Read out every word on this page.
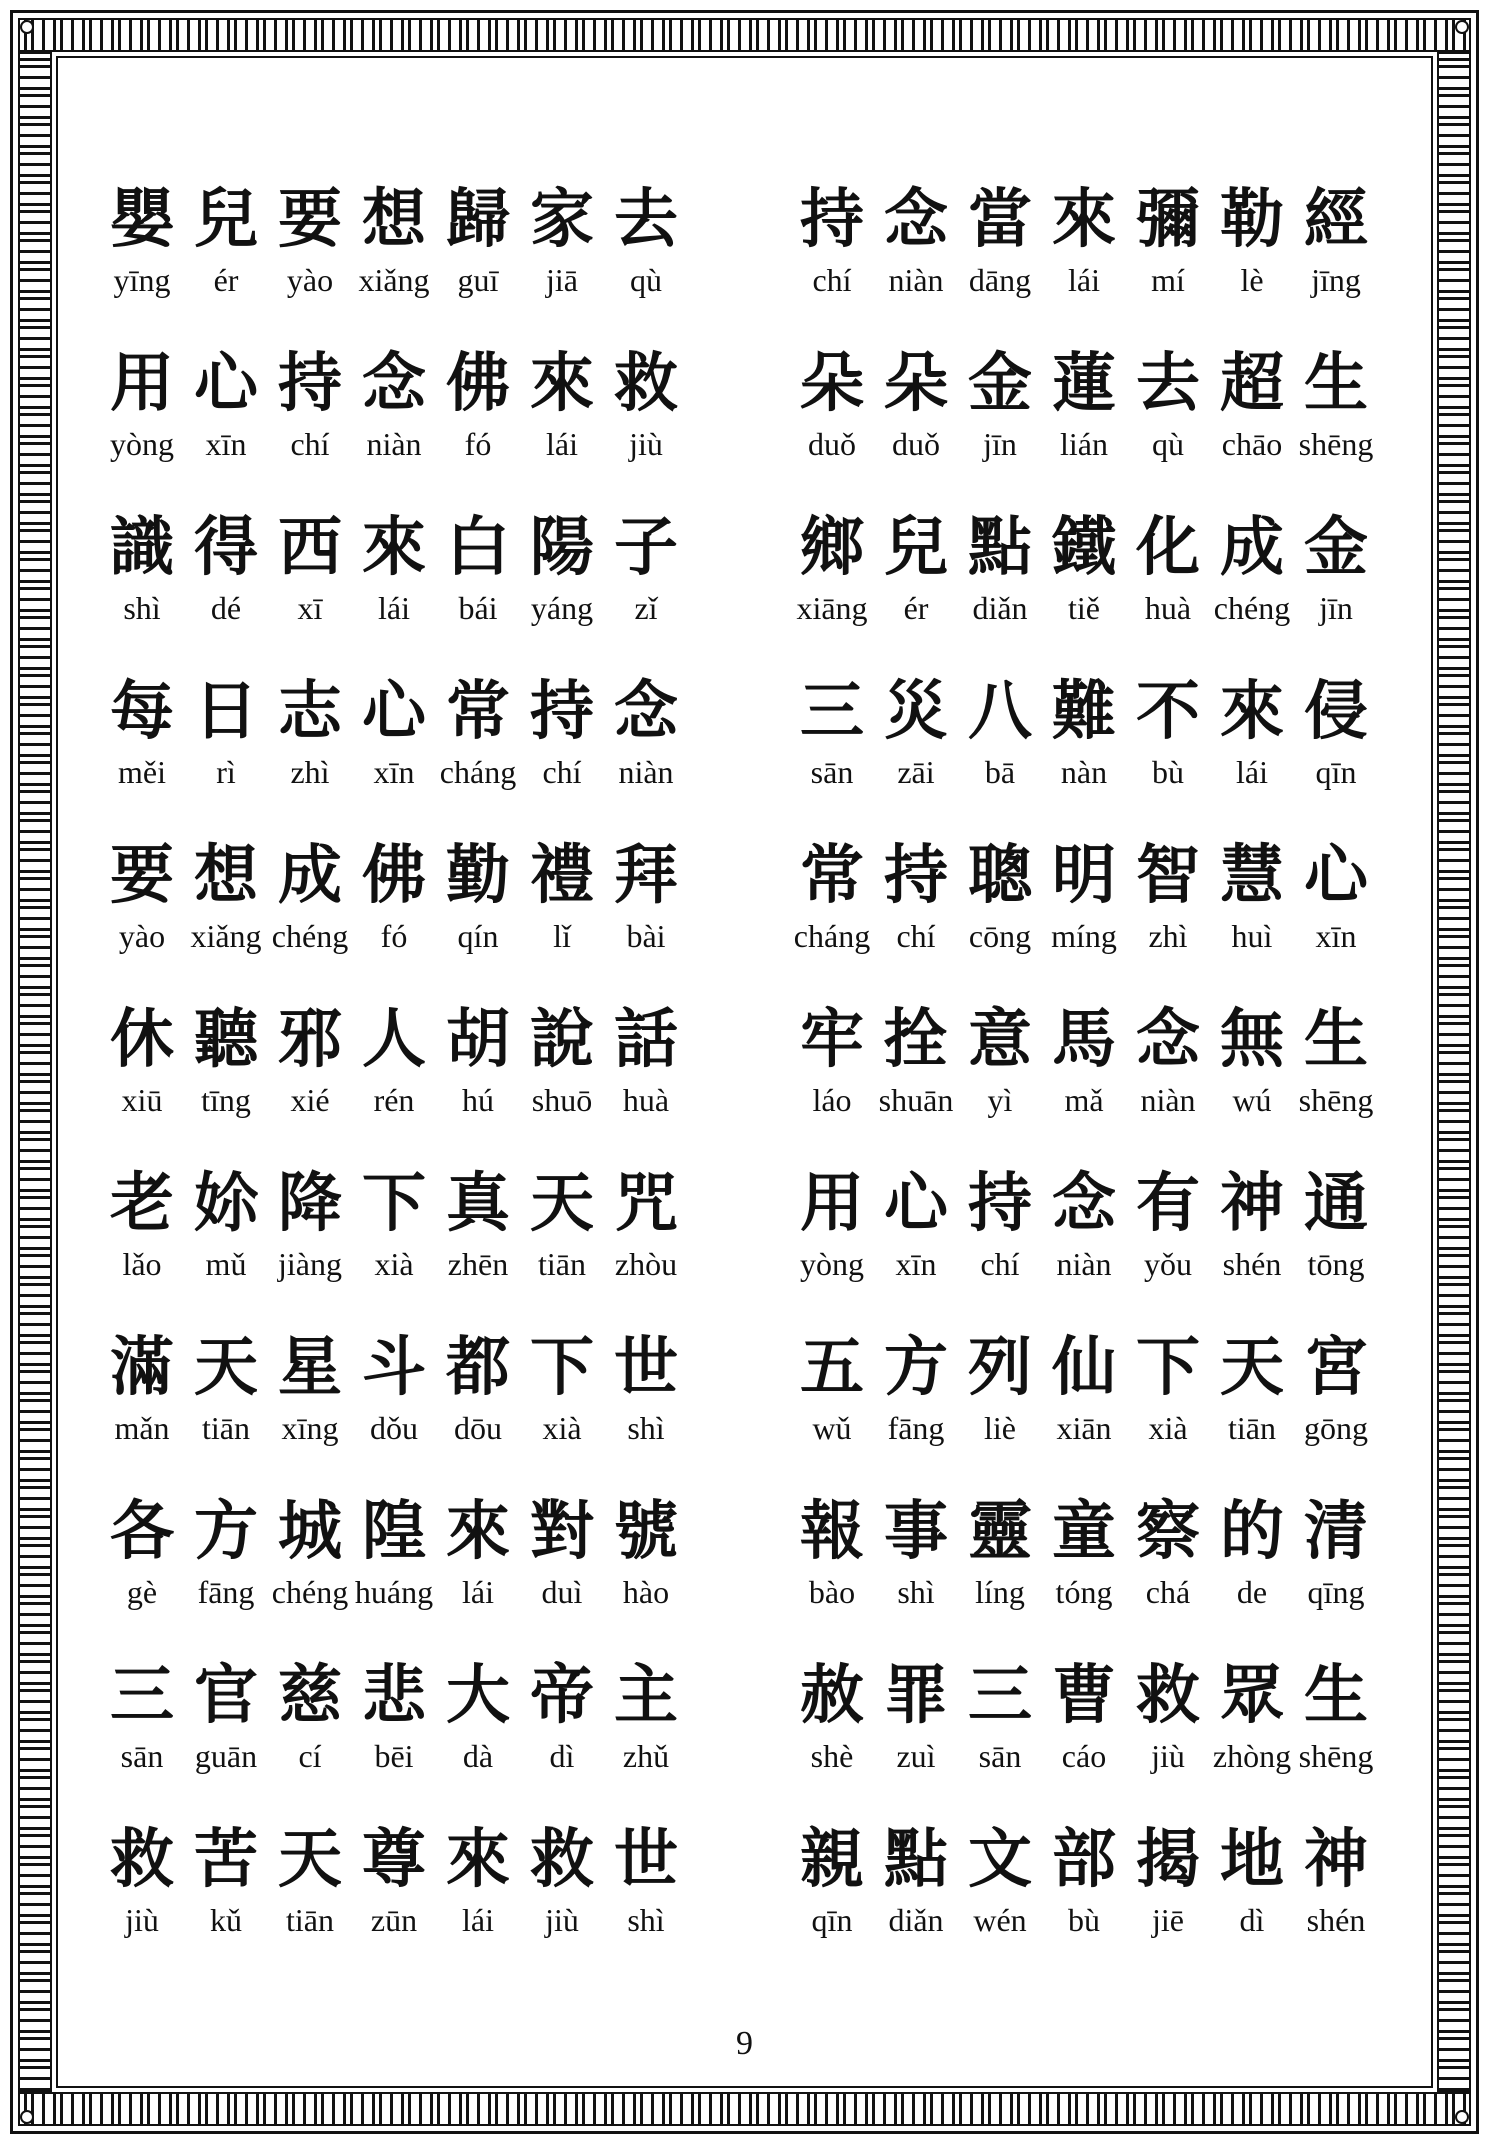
嬰 兒 要 想 歸 家 去
yīng	ér	yào xiǎng guī	jiā	qù
用 心 持 念 佛 來 救
yòng xīn	chí	niàn	fó	lái	jiù
識 得 西 來 白 陽 子
shì	dé	xī	lái	bái	yáng	zǐ
每 日 志 心 常 持 念
měi	rì	zhì	xīn cháng chí	niàn
要 想 成 佛 勤 禮 拜
yào xiǎng chéng	fó	qín	lǐ	bài
休 聽 邪 人 胡 說 話
xiū	tīng	xié	rén	hú	shuō huà
老 㚷 降 下 真 天 咒
lǎo	mǔ jiàng	xià	zhēn tiān zhòu
滿 天 星 斗 都 下 世
mǎn	tiān xīng dǒu	dōu	xià	shì
各 方 城 隍 來 對 號
gè	fāng chéng huáng lái	duì	hào
三 官 慈 悲 大 帝 主
sān guān	cí	bēi	dà	dì	zhǔ
救 苦 天 尊 來 救 世
jiù	kǔ	tiān	zūn	lái	jiù	shì
持 念 當 來 彌 勒 經
chí	niàn dāng	lái	mí	lè	jīng
朵 朵 金 蓮 去 超 生
duǒ	duǒ	jīn	lián	qù	chāo shēng
鄉 兒 點 鐵 化 成 金
xiāng	ér	diǎn	tiě	huà chéng jīn
三 災 八 難 不 來 侵
sān	zāi	bā	nàn	bù	lái	qīn
常 持 聰 明 智 慧 心
cháng chí	cōng míng zhì	huì	xīn
牢 拴 意 馬 念 無 生
láo shuān	yì	mǎ	niàn	wú shēng
用 心 持 念 有 神 通
yòng xīn	chí	niàn	yǒu shén tōng
五 方 列 仙 下 天 宮
wǔ	fāng	liè	xiān	xià	tiān gōng
報 事 靈 童 察 的 清
bào	shì	líng tóng	chá	de	qīng
赦 罪 三 曹 救 眾 生
shè	zuì	sān	cáo	jiù zhòng shēng
親 點 文 部 揭 地 神
qīn	diǎn wén	bù	jiē	dì	shén
9
